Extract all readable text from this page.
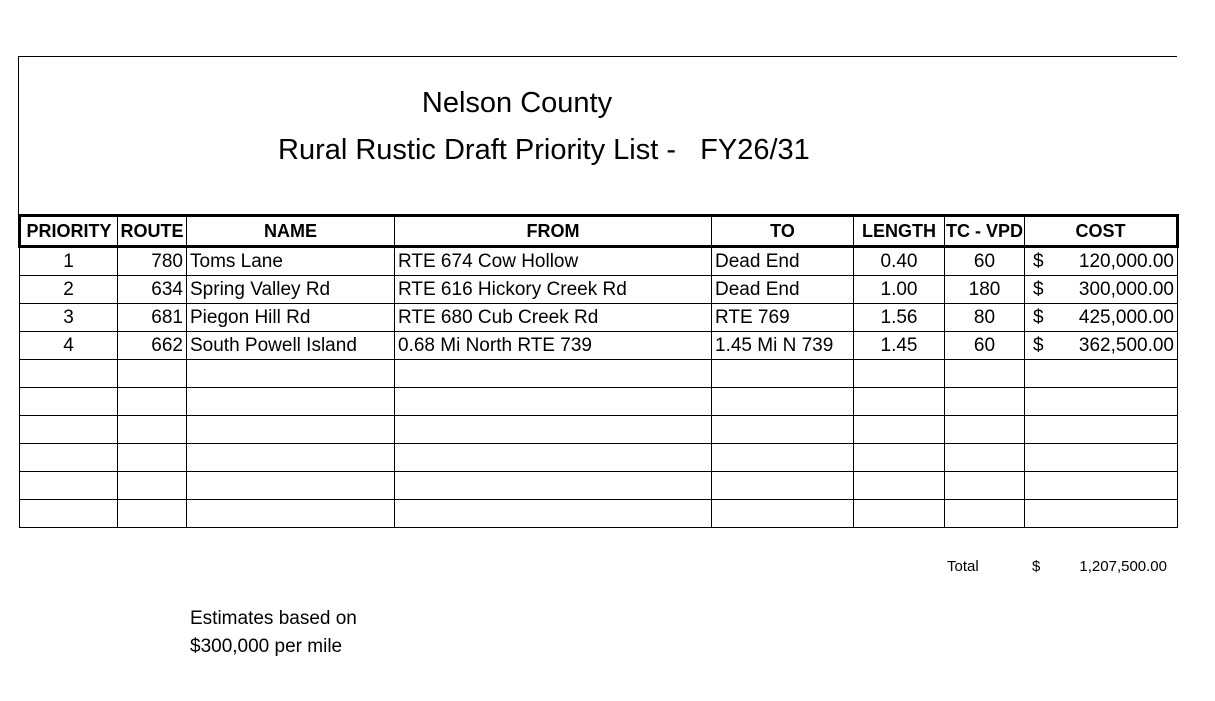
Nelson County
Rural Rustic Draft Priority List -   FY26/31
PRIORITY	ROUTE	NAME	FROM	TO	LENGTH	TC - VPD	COST
1	780	Toms Lane	RTE 674 Cow Hollow	Dead End	0.40	60	$ 120,000.00
2	634	Spring Valley Rd	RTE 616 Hickory Creek Rd	Dead End	1.00	180	$ 300,000.00
3	681	Piegon Hill Rd	RTE 680 Cub Creek Rd	RTE 769	1.56	80	$ 425,000.00
4	662	South Powell Island	0.68 Mi North RTE 739	1.45 Mi N 739	1.45	60	$ 362,500.00

Total	$	1,207,500.00
Estimates based on
$300,000 per mile
